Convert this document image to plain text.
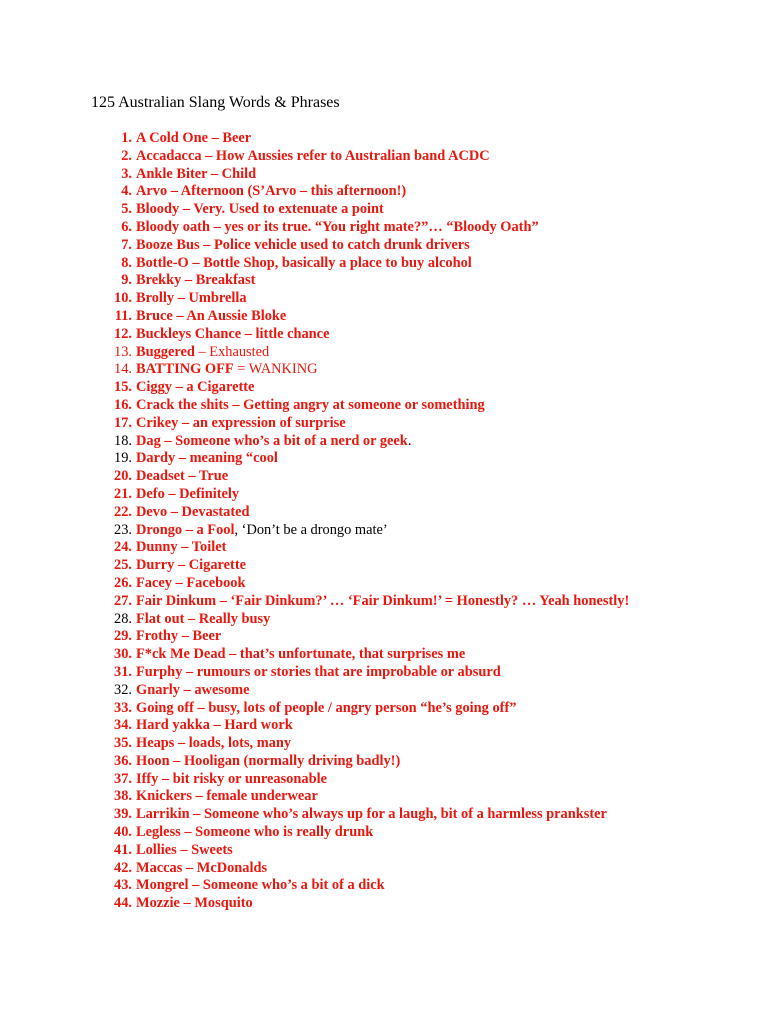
125 Australian Slang Words & Phrases
1. A Cold One – Beer
2. Accadacca – How Aussies refer to Australian band ACDC
3. Ankle Biter – Child
4. Arvo – Afternoon (S’Arvo – this afternoon!)
5. Bloody – Very. Used to extenuate a point
6. Bloody oath – yes or its true. “You right mate?”… “Bloody Oath”
7. Booze Bus – Police vehicle used to catch drunk drivers
8. Bottle-O – Bottle Shop, basically a place to buy alcohol
9. Brekky – Breakfast
10. Brolly – Umbrella
11. Bruce – An Aussie Bloke
12. Buckleys Chance – little chance
13. Buggered – Exhausted
14. BATTING OFF = WANKING
15. Ciggy – a Cigarette
16. Crack the shits – Getting angry at someone or something
17. Crikey – an expression of surprise
18. Dag – Someone who’s a bit of a nerd or geek.
19. Dardy – meaning “cool
20. Deadset – True
21. Defo – Definitely
22. Devo – Devastated
23. Drongo – a Fool, ‘Don’t be a drongo mate’
24. Dunny – Toilet
25. Durry – Cigarette
26. Facey – Facebook
27. Fair Dinkum – ‘Fair Dinkum?’ … ‘Fair Dinkum!’ = Honestly? … Yeah honestly!
28. Flat out – Really busy
29. Frothy – Beer
30. F*ck Me Dead – that’s unfortunate, that surprises me
31. Furphy – rumours or stories that are improbable or absurd
32. Gnarly – awesome
33. Going off – busy, lots of people / angry person “he’s going off”
34. Hard yakka – Hard work
35. Heaps – loads, lots, many
36. Hoon – Hooligan (normally driving badly!)
37. Iffy – bit risky or unreasonable
38. Knickers – female underwear
39. Larrikin – Someone who’s always up for a laugh, bit of a harmless prankster
40. Legless – Someone who is really drunk
41. Lollies – Sweets
42. Maccas – McDonalds
43. Mongrel – Someone who’s a bit of a dick
44. Mozzie – Mosquito
